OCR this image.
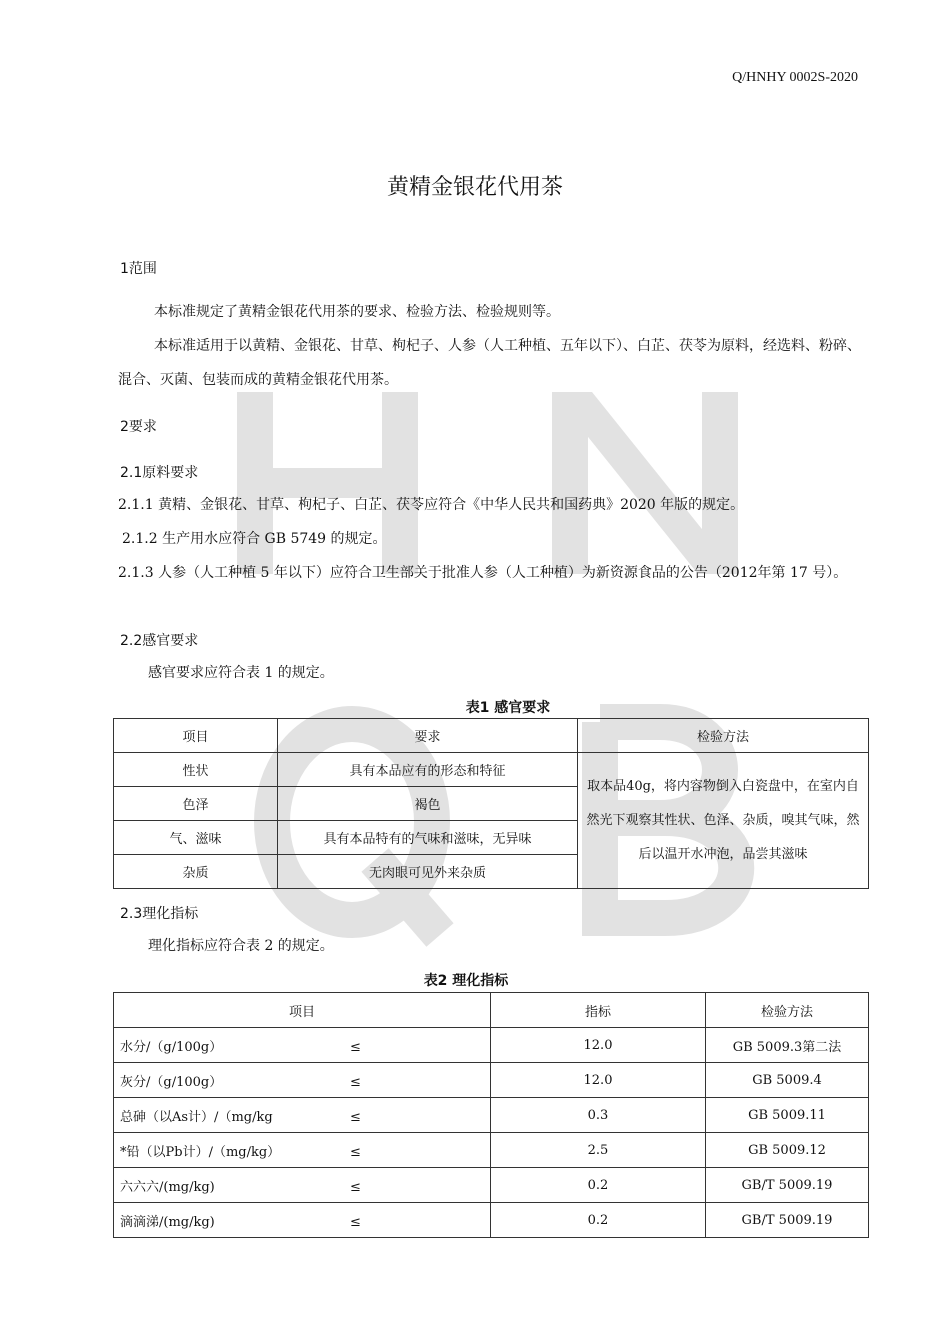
Q/HNHY 0002S-2020
黄精金银花代用茶
1范围
本标准规定了黄精金银花代用茶的要求、检验方法、检验规则等。
本标准适用于以黄精、金银花、甘草、枸杞子、人参（人工种植、五年以下）、白芷、茯苓为原料，经选料、粉碎、混合、灭菌、包装而成的黄精金银花代用茶。
2要求
2.1原料要求
2.1.1 黄精、金银花、甘草、枸杞子、白芷、茯苓应符合《中华人民共和国药典》2020 年版的规定。
2.1.2 生产用水应符合 GB 5749 的规定。
2.1.3 人参（人工种植 5 年以下）应符合卫生部关于批准人参（人工种植）为新资源食品的公告（2012年第 17 号）。
2.2感官要求
感官要求应符合表 1 的规定。
表1 感官要求
项目	要求	检验方法
性状	具有本品应有的形态和特征	取本品40g，将内容物倒入白瓷盘中，在室内自然光下观察其性状、色泽、杂质，嗅其气味，然后以温开水冲泡，品尝其滋味
色泽	褐色	
气、滋味	具有本品特有的气味和滋味，无异味	
杂质	无肉眼可见外来杂质	
2.3理化指标
理化指标应符合表 2 的规定。
表2 理化指标
项目	指标	检验方法
水分/（g/100g） ≤	12.0	GB 5009.3第二法
灰分/（g/100g） ≤	12.0	GB 5009.4
总砷（以As计）/（mg/kg ≤	0.3	GB 5009.11
*铅（以Pb计）/（mg/kg） ≤	2.5	GB 5009.12
六六六/(mg/kg) ≤	0.2	GB/T 5009.19
滴滴涕/(mg/kg) ≤	0.2	GB/T 5009.19
